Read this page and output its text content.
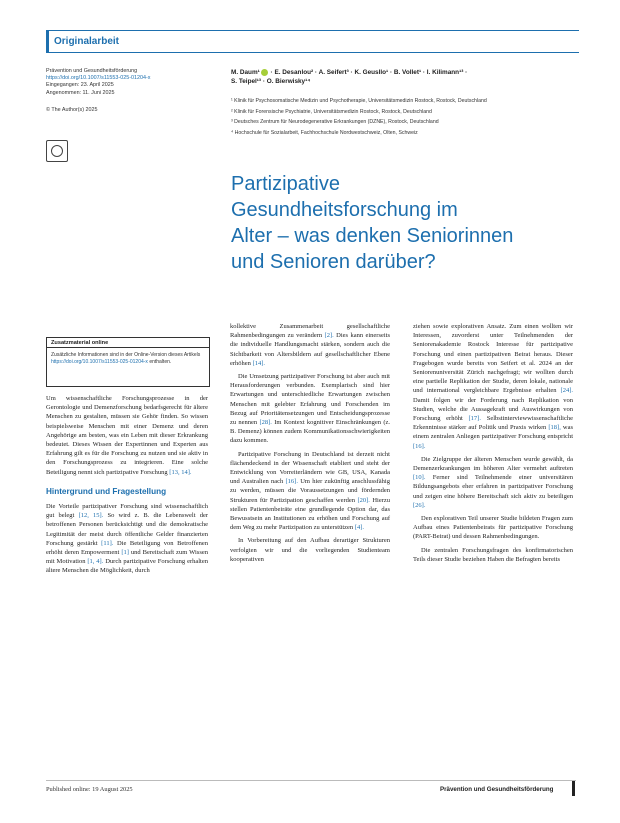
Originalarbeit

Prävention und Gesundheitsförderung

https://doi.org/10.1007/s11553-025-01204-x

Eingegangen: 23. April 2025

Angenommen: 11. Juni 2025

© The Author(s) 2025

M. Daum¹ · E. Desanlou² · A. Seifert³ · K. Geusllo¹ · B. Vollet¹ · I. Kilimann¹³ ·
S. Teipel¹³ · O. Bierwisky¹⁴

¹ Klinik für Psychosomatische Medizin und Psychotherapie, Universitätsmedizin Rostock, Rostock, Deutschland

² Klinik für Forensische Psychiatrie, Universitätsmedizin Rostock, Rostock, Deutschland

³ Deutsches Zentrum für Neurodegenerative Erkrankungen (DZNE), Rostock, Deutschland

⁴ Hochschule für Sozialarbeit, Fachhochschule Nordwestschweiz, Olten, Schweiz

Partizipative
Gesundheitsforschung im
Alter – was denken Seniorinnen
und Senioren darüber?
Zusatzmaterial online
Zusätzliche Informationen sind in der Online-Version dieses Artikels https://doi.org/10.1007/s11553-025-01204-x enthalten.

Um wissenschaftliche Forschungsprozesse in der Gerontologie und Demenzforschung bedarfsgerecht für ältere Menschen zu gestalten, müssen sie Gehör finden. So wissen beispielsweise Menschen mit einer Demenz und deren Angehörige am besten, was ein Leben mit dieser Erkrankung bedeutet. Dieses Wissen der Expertinnen und Experten aus Erfahrung gilt es für die Forschung zu nutzen und sie aktiv in den Forschungsprozess zu integrieren. Eine solche Beteiligung nennt sich partizipative Forschung [13, 14].

Hintergrund und Fragestellung

Die Vorteile partizipativer Forschung sind wissenschaftlich gut belegt [12, 15]. So wird z. B. die Lebenswelt der betroffenen Personen berücksichtigt und die demokratische Legitimität der meist durch öffentliche Gelder finanzierten Forschung gestärkt [11]. Die Beteiligung von Betroffenen erhöht deren Empowerment [1] und Bereitschaft zum Wissen mit Motivation [1, 4]. Durch partizipative Forschung erhalten ältere Menschen die Möglichkeit, durch

kollektive Zusammenarbeit gesellschaftliche Rahmenbedingungen zu verändern [2]. Dies kann einerseits die individuelle Handlungsmacht stärken, sondern auch die Sichtbarkeit von Altersbildern auf gesellschaftlicher Ebene erhöhen [14].

Die Umsetzung partizipativer Forschung ist aber auch mit Herausforderungen verbunden. Exemplarisch sind hier Erwartungen und unterschiedliche Erwartungen zwischen Menschen mit gelebter Erfahrung und Forschenden im Bezug auf Prioritätensetzungen und Entscheidungsprozesse zu nennen [28]. Im Kontext kognitiver Einschränkungen (z. B. Demenz) können zudem Kommunikationsschwierigkeiten dazu kommen.

Partizipative Forschung in Deutschland ist derzeit nicht flächendeckend in der Wissenschaft etabliert und steht der Entwicklung von Vorreiterländern wie GB, USA, Kanada und Australien nach [16]. Um hier zukünftig anschlussfähig zu werden, müssen die Voraussetzungen und fördernden Strukturen für Partizipation geschaffen werden [20]. Hierzu stellen Patientenbeiräte eine grundlegende Option dar, das Bewusstsein an Institutionen zu erhöhen und Forschung auf dem Weg zu mehr Partizipation zu unterstützen [4].

In Vorbereitung auf den Aufbau derartiger Strukturen verfolgten wir und die vorliegenden Studienteam kooperativen

ziehen sowie explorativen Ansatz. Zum einen wollten wir Interessen, zuvorderst unter Teilnehmenden der Seniorenakademie Rostock Interesse für partizipative Forschung und einen partizipativen Beirat heraus. Dieser Fragebogen wurde bereits von Seifert et al. 2024 an der Seniorenuniversität Zürich nachgefragt; wir wollten durch eine partielle Replikation der Studie, deren lokale, nationale und international vergleichbare Ergebnisse erhalten [24]. Damit folgen wir der Forderung nach Replikation von Studien, welche die Aussagekraft und Auswirkungen von Forschung erhöht [17]. Selbstinterviewwissenschaftliche Erkenntnisse stärker auf Politik und Praxis wirken [18], was einem zentralen Anliegen partizipativer Forschung entspricht [16].

Die Zielgruppe der älteren Menschen wurde gewählt, da Demenzerkrankungen im höheren Alter vermehrt auftreten [10]. Ferner sind Teilnehmende einer universitären Bildungsangebots eher erfahren in partizipativer Forschung und zeigen eine höhere Bereitschaft sich aktiv zu beteiligen [26].

Den explorativen Teil unserer Studie bildeten Fragen zum Aufbau eines Patientenbeirats für partizipative Forschung (PART-Beirat) und dessen Rahmenbedingungen.

Die zentralen Forschungsfragen des konfirmatorischen Teils dieser Studie beziehen Haben die Befragten bereits

Published online: 19 August 2025	Prävention und Gesundheitsförderung
